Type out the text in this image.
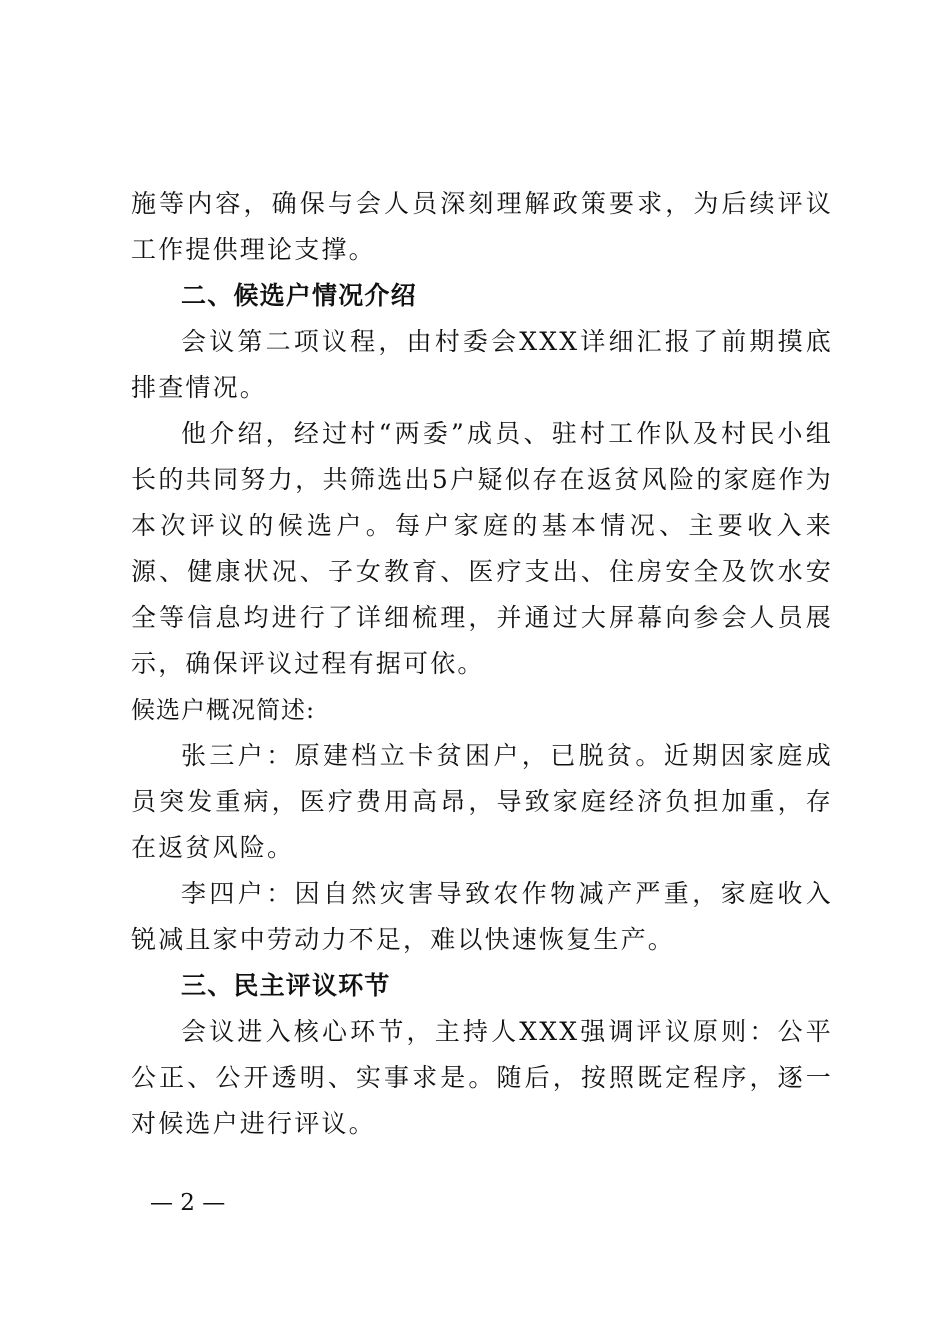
施等内容，确保与会人员深刻理解政策要求，为后续评议工作提供理论支撑。

二、候选户情况介绍

会议第二项议程，由村委会XXX详细汇报了前期摸底排查情况。

他介绍，经过村“两委”成员、驻村工作队及村民小组长的共同努力，共筛选出5户疑似存在返贫风险的家庭作为本次评议的候选户。每户家庭的基本情况、主要收入来源、健康状况、子女教育、医疗支出、住房安全及饮水安全等信息均进行了详细梳理，并通过大屏幕向参会人员展示，确保评议过程有据可依。

候选户概况简述:

张三户：原建档立卡贫困户，已脱贫。近期因家庭成员突发重病，医疗费用高昂，导致家庭经济负担加重，存在返贫风险。

李四户：因自然灾害导致农作物减产严重，家庭收入锐减且家中劳动力不足，难以快速恢复生产。

三、民主评议环节

会议进入核心环节，主持人XXX强调评议原则：公平公正、公开透明、实事求是。随后，按照既定程序，逐一对候选户进行评议。

— 2 —
